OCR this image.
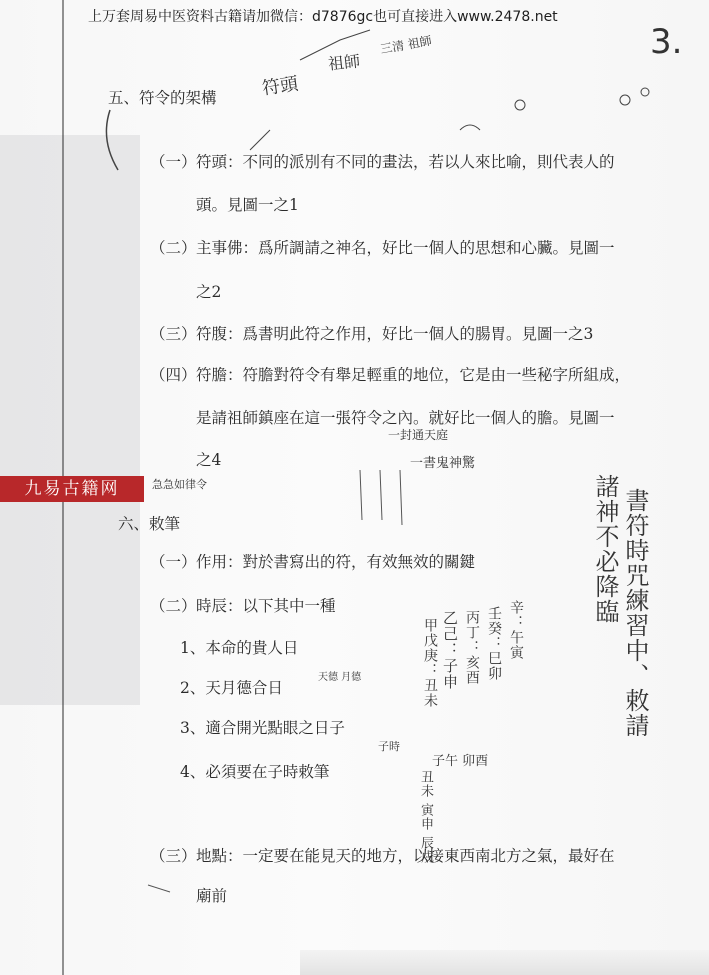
上万套周易中医资料古籍请加微信：d7876gc也可直接进入www.2478.net
3.
五、符令的架構
（一） 符頭：不同的派別有不同的畫法，若以人來比喻，則代表人的
頭。見圖一之1
（二） 主事佛：爲所調請之神名，好比一個人的思想和心臟。見圖一
之2
（三） 符腹：爲書明此符之作用，好比一個人的腸胃。見圖一之3
（四） 符膽：符膽對符令有舉足輕重的地位，它是由一些秘字所組成，
是請祖師鎮座在這一張符令之內。就好比一個人的膽。見圖一
之4
九易古籍网
六、敕筆
（一） 作用：對於書寫出的符，有效無效的關鍵
（二） 時辰：以下其中一種
1、本命的貴人日
2、天月德合日
3、適合開光點眼之日子
4、必須要在子時敕筆
（三） 地點：一定要在能見天的地方，以接東西南北方之氣，最好在
廟前
符頭
祖師
三清 祖師
一封通天庭
一書鬼神驚
急急如律令
書符時咒練習中、敕請
諸神不必降臨
甲戊庚：丑未 乙己：子申 丙丁：亥酉 壬癸：巳卯 辛：午寅
子午 卯酉
丑未 寅申 辰戌
天德 月德
子時
